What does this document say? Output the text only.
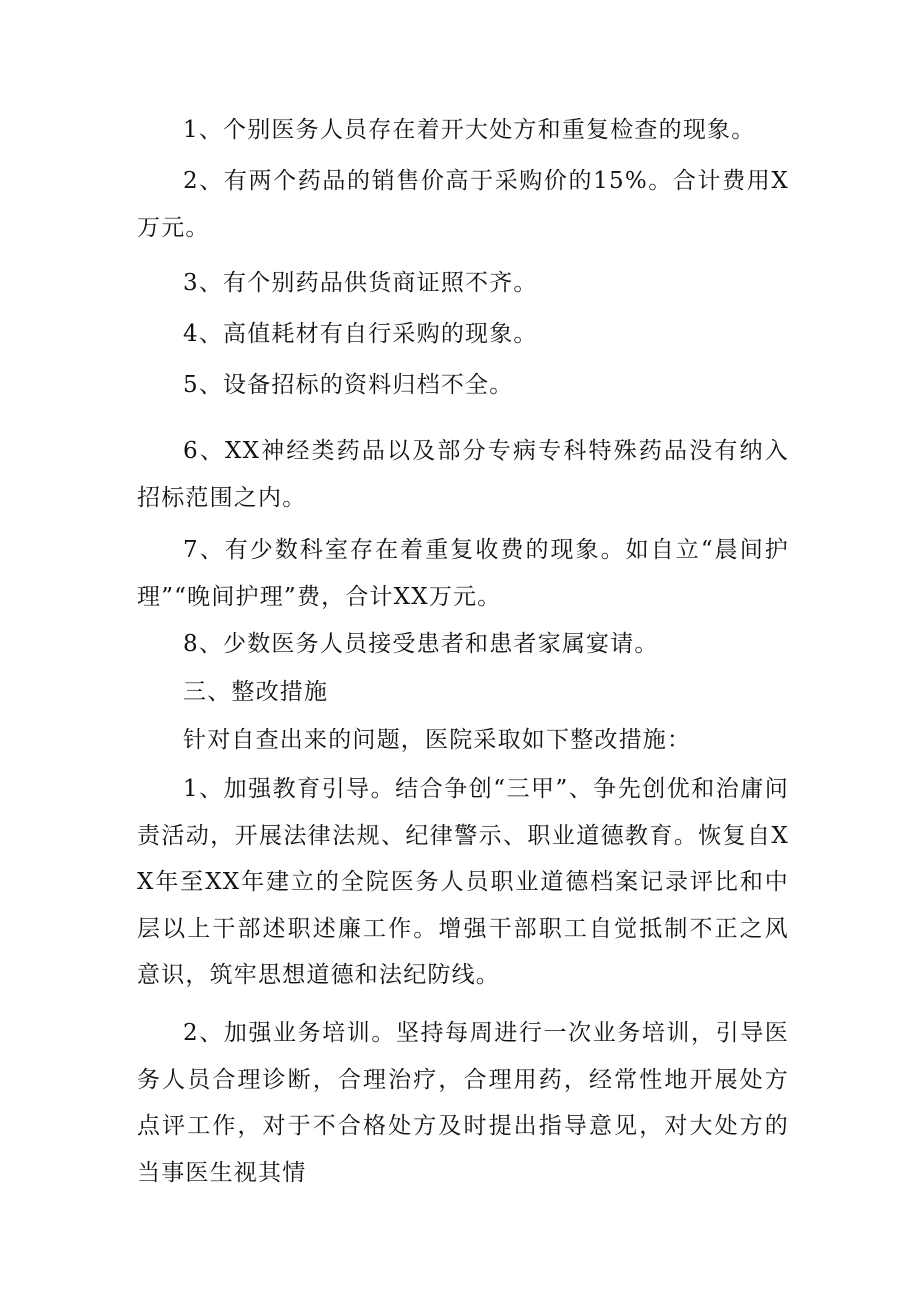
1、个别医务人员存在着开大处方和重复检查的现象。

2、有两个药品的销售价高于采购价的15%。合计费用X万元。

3、有个别药品供货商证照不齐。

4、高值耗材有自行采购的现象。

5、设备招标的资料归档不全。

6、XX神经类药品以及部分专病专科特殊药品没有纳入招标范围之内。

7、有少数科室存在着重复收费的现象。如自立“晨间护理”“晚间护理”费，合计XX万元。

8、少数医务人员接受患者和患者家属宴请。

三、整改措施

针对自查出来的问题，医院采取如下整改措施：

1、加强教育引导。结合争创“三甲”、争先创优和治庸问责活动，开展法律法规、纪律警示、职业道德教育。恢复自XX年至XX年建立的全院医务人员职业道德档案记录评比和中层以上干部述职述廉工作。增强干部职工自觉抵制不正之风意识，筑牢思想道德和法纪防线。

2、加强业务培训。坚持每周进行一次业务培训，引导医务人员合理诊断，合理治疗，合理用药，经常性地开展处方点评工作，对于不合格处方及时提出指导意见，对大处方的当事医生视其情
